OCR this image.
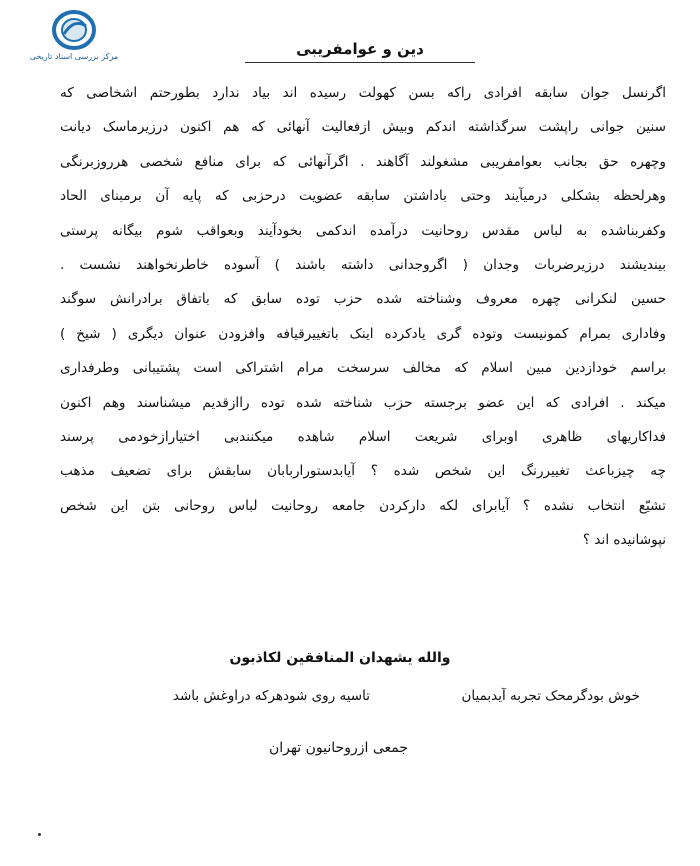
مرکز بررسی اسناد تاریخی	دین و عوامفریبی
اگرنسل جوان سابقه افرادی راکه بسن کهولت رسیده اند بیاد ندارد بطورحتم اشخاصی که
سنین جوانی راپشت سرگذاشته اندکم وبیش ازفعالیت آنهائی که هم اکنون درزیرماسک دیانت
وچهره حق بجانب بعوامفریبی مشغولند آگاهند . اگرآنهائی که برای منافع شخصی هرروزبرنگی
وهرلحظه بشکلی درمیآیند وحتی باداشتن سابقه عضویت درحزبی که پایه آن برمبنای الحاد
وکفربناشده به لباس مقدس روحانیت درآمده اندکمی بخودآیند وبعواقب شوم بیگانه پرستی
بیندیشند درزیرضربات وجدان ( اگروجدانی داشته باشند ) آسوده خاطرنخواهند نشست .
حسین لنکرانی چهره معروف وشناخته شده حزب توده سابق که باتفاق برادرانش سوگند
وفاداری بمرام کمونیست وتوده گری یادکرده اینک باتغییرقیافه وافزودن عنوان دیگری ( شیخ )
براسم خودازدین مبین اسلام که مخالف سرسخت مرام اشتراکی است پشتیبانی وطرفداری
میکند . افرادی که این عضو برجسته حزب شناخته شده توده راازقدیم میشناسند وهم اکنون
فداکاریهای ظاهری اوبرای شریعت اسلام شاهده میکنندبی اختیارازخودمی پرسند
چه چیزباعث تغییررنگ این شخص شده ؟ آیابدستوراربابان سابقش برای تضعیف مذهب
تشیّع انتخاب نشده ؟ آیابرای لکه دارکردن جامعه روحانیت لباس روحانی بتن این شخص
نپوشانیده اند ؟
والله یشهدان المنافقین لکاذبون
خوش بودگرمحک تجربه آیدبمیان
تاسیه روی شودهرکه دراوغش باشد
جمعی ازروحانیون تهران
